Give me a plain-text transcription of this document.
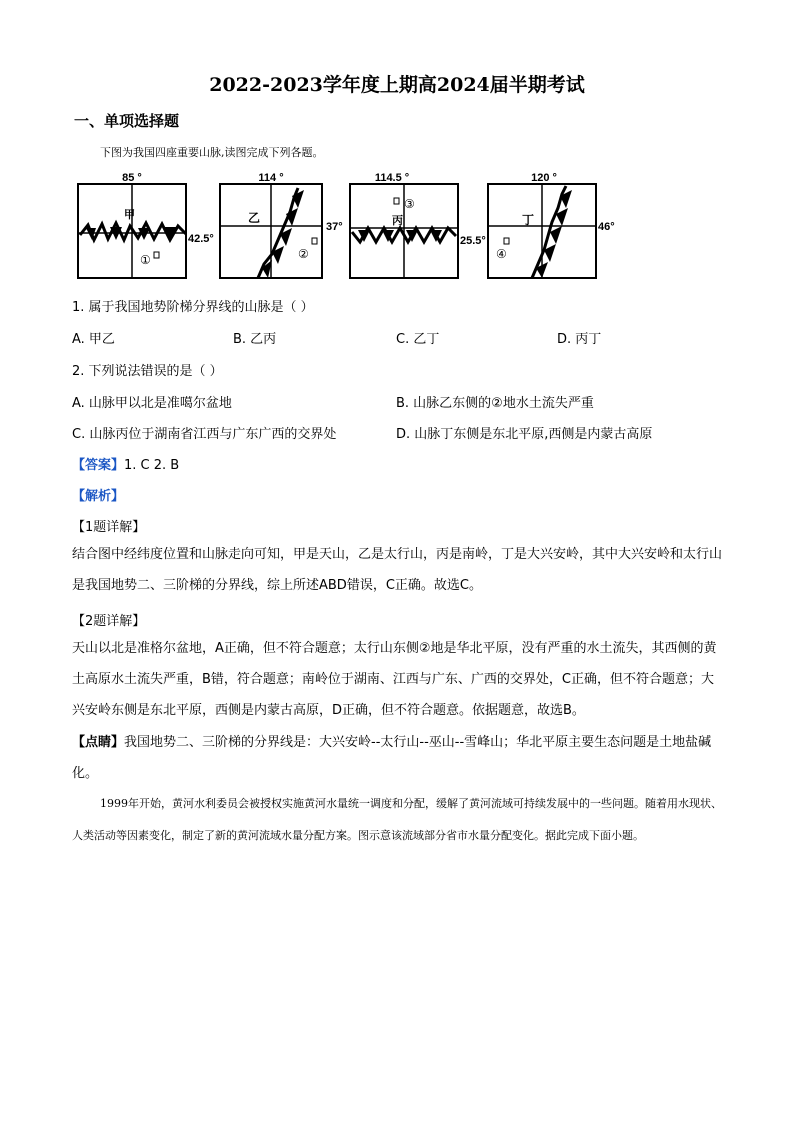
2022-2023学年度上期高2024届半期考试
一、单项选择题
下图为我国四座重要山脉,读图完成下列各题。
85 °
42.5°
甲
①
114 °
37°
乙
②
114.5 °
25.5°
丙
③
120 °
46°
丁
④
1. 属于我国地势阶梯分界线的山脉是（ ）
A. 甲乙	B. 乙丙	C. 乙丁	D. 丙丁
2. 下列说法错误的是（ ）
A. 山脉甲以北是准噶尔盆地	B. 山脉乙东侧的②地水土流失严重
C. 山脉丙位于湖南省江西与广东广西的交界处	D. 山脉丁东侧是东北平原,西侧是内蒙古高原
【答案】1. C 2. B
【解析】
【1题详解】
结合图中经纬度位置和山脉走向可知，甲是天山，乙是太行山，丙是南岭，丁是大兴安岭，其中大兴安岭和太行山是我国地势二、三阶梯的分界线，综上所述ABD错误，C正确。故选C。
【2题详解】
天山以北是准格尔盆地，A正确，但不符合题意；太行山东侧②地是华北平原，没有严重的水土流失，其西侧的黄土高原水土流失严重，B错，符合题意；南岭位于湖南、江西与广东、广西的交界处，C正确，但不符合题意；大兴安岭东侧是东北平原，西侧是内蒙古高原，D正确，但不符合题意。依据题意，故选B。
【点睛】我国地势二、三阶梯的分界线是：大兴安岭--太行山--巫山--雪峰山；华北平原主要生态问题是土地盐碱化。
1999年开始，黄河水利委员会被授权实施黄河水量统一调度和分配，缓解了黄河流域可持续发展中的一些问题。随着用水现状、人类活动等因素变化，制定了新的黄河流域水量分配方案。图示意该流域部分省市水量分配变化。据此完成下面小题。
